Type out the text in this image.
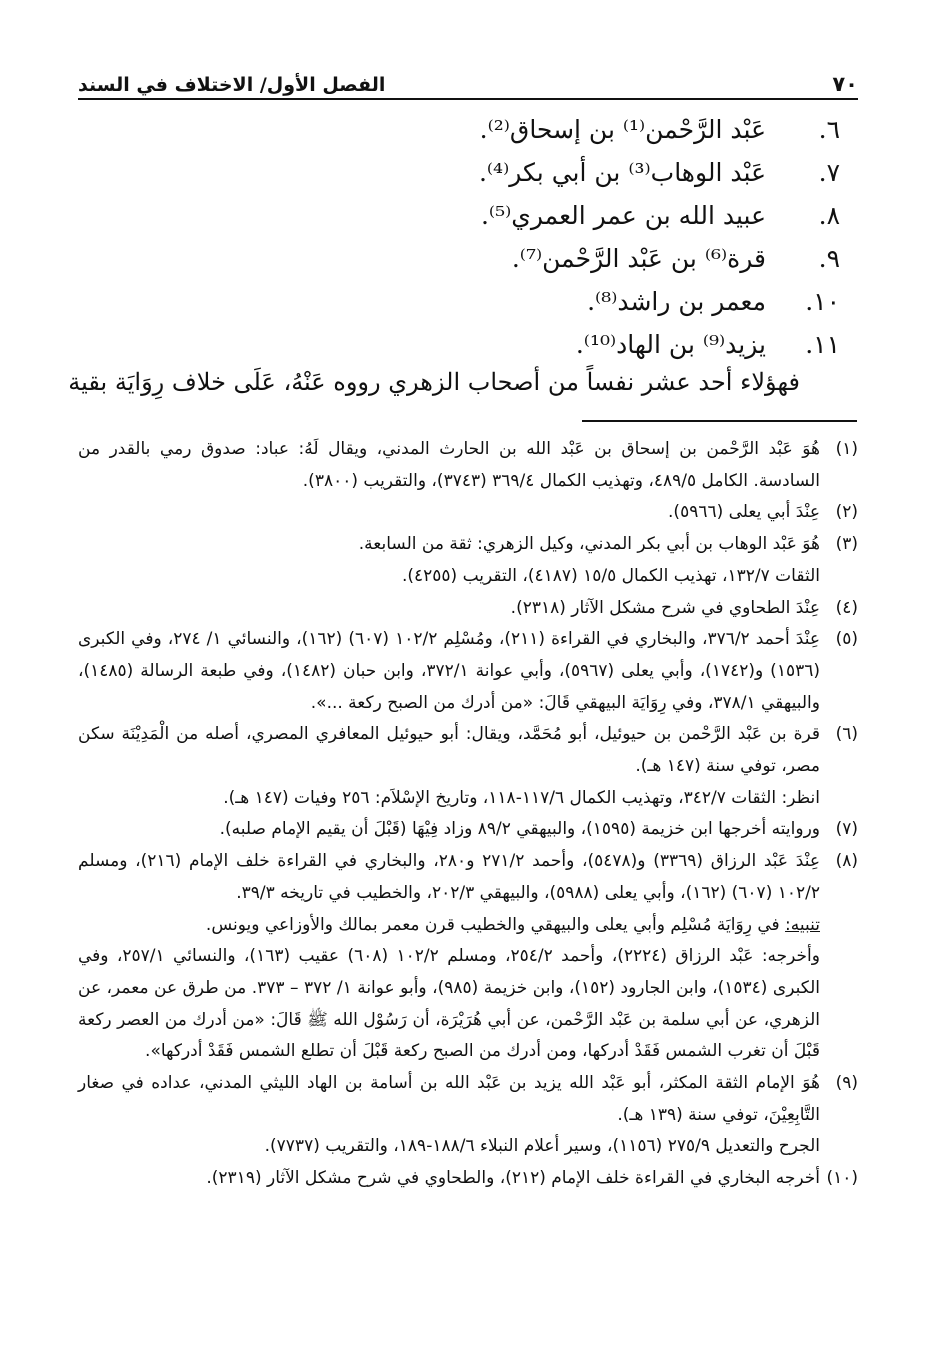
٧٠
الفصل الأول/ الاختلاف في السند
٦.
عَبْد الرَّحْمن⁽¹⁾ بن إسحاق⁽²⁾.
٧.
عَبْد الوهاب⁽³⁾ بن أبي بكر⁽⁴⁾.
٨.
عبيد الله بن عمر العمري⁽⁵⁾.
٩.
قرة⁽⁶⁾ بن عَبْد الرَّحْمن⁽⁷⁾.
١٠.
معمر بن راشد⁽⁸⁾.
١١.
يزيد⁽⁹⁾ بن الهاد⁽¹⁰⁾.
فهؤلاء أحد عشر نفساً من أصحاب الزهري رووه عَنْهُ، عَلَى خلاف رِوَايَة بقية
(١)

هُوَ عَبْد الرَّحْمن بن إسحاق بن عَبْد الله بن الحارث المدني، ويقال لَهُ: عباد: صدوق رمي بالقدر من السادسة. الكامل ٤٨٩/٥، وتهذيب الكمال ٣٦٩/٤ (٣٧٤٣)، والتقريب (٣٨٠٠).

(٢)

عِنْدَ أبي يعلى (٥٩٦٦).

(٣)

هُوَ عَبْد الوهاب بن أبي بكر المدني، وكيل الزهري: ثقة من السابعة.

الثقات ١٣٢/٧، تهذيب الكمال ١٥/٥ (٤١٨٧)، التقريب (٤٢٥٥).

(٤)

عِنْدَ الطحاوي في شرح مشكل الآثار (٢٣١٨).

(٥)

عِنْدَ أحمد ٣٧٦/٢، والبخاري في القراءة (٢١١)، ومُسْلِم ١٠٢/٢ (٦٠٧) (١٦٢)، والنسائي ١/ ٢٧٤، وفي الكبرى (١٥٣٦) و(١٧٤٢)، وأبي يعلى (٥٩٦٧)، وأبي عوانة ٣٧٢/١، وابن حبان (١٤٨٢)، وفي طبعة الرسالة (١٤٨٥)، والبيهقي ٣٧٨/١، وفي رِوَايَة البيهقي قَالَ: «من أدرك من الصبح ركعة ...».

(٦)

قرة بن عَبْد الرَّحْمن بن حيوئيل، أبو مُحَمَّد، ويقال: أبو حيوئيل المعافري المصري، أصله من الْمَدِيْنَة سكن مصر، توفي سنة (١٤٧ هـ).

انظر: الثقات ٣٤٢/٧، وتهذيب الكمال ١١٧/٦-١١٨، وتاريخ الإسْلاَم: ٢٥٦ وفيات (١٤٧ هـ).

(٧)

وروايته أخرجها ابن خزيمة (١٥٩٥)، والبيهقي ٨٩/٢ وزاد فِيْهَا (قَبْلَ أن يقيم الإمام صلبه).

(٨)

عِنْدَ عَبْد الرزاق (٣٣٦٩) و(٥٤٧٨)، وأحمد ٢٧١/٢ و٢٨٠، والبخاري في القراءة خلف الإمام (٢١٦)، ومسلم ١٠٢/٢ (٦٠٧) (١٦٢)، وأبي يعلى (٥٩٨٨)، والبيهقي ٢٠٢/٣، والخطيب في تاريخه ٣٩/٣.

تنبيه: في رِوَايَة مُسْلِم وأبي يعلى والبيهقي والخطيب قرن معمر بمالك والأوزاعي ويونس.

وأخرجه: عَبْد الرزاق (٢٢٢٤)، وأحمد ٢٥٤/٢، ومسلم ١٠٢/٢ (٦٠٨) عقيب (١٦٣)، والنسائي ٢٥٧/١، وفي الكبرى (١٥٣٤)، وابن الجارود (١٥٢)، وابن خزيمة (٩٨٥)، وأبو عوانة ١/ ٣٧٢ – ٣٧٣. من طرق عن معمر، عن الزهري، عن أبي سلمة بن عَبْد الرَّحْمن، عن أبي هُرَيْرَة، أن رَسُوْل الله ﷺ قَالَ: «من أدرك من العصر ركعة قَبْلَ أن تغرب الشمس فَقَدْ أدركها، ومن أدرك من الصبح ركعة قَبْلَ أن تطلع الشمس فَقَدْ أدركها».

(٩)

هُوَ الإمام الثقة المكثر، أبو عَبْد الله يزيد بن عَبْد الله بن أسامة بن الهاد الليثي المدني، عداده في صغار التَّابِعِيْنَ، توفي سنة (١٣٩ هـ).

الجرح والتعديل ٢٧٥/٩ (١١٥٦)، وسير أعلام النبلاء ١٨٨/٦-١٨٩، والتقريب (٧٧٣٧).

(١٠)

أخرجه البخاري في القراءة خلف الإمام (٢١٢)، والطحاوي في شرح مشكل الآثار (٢٣١٩).
